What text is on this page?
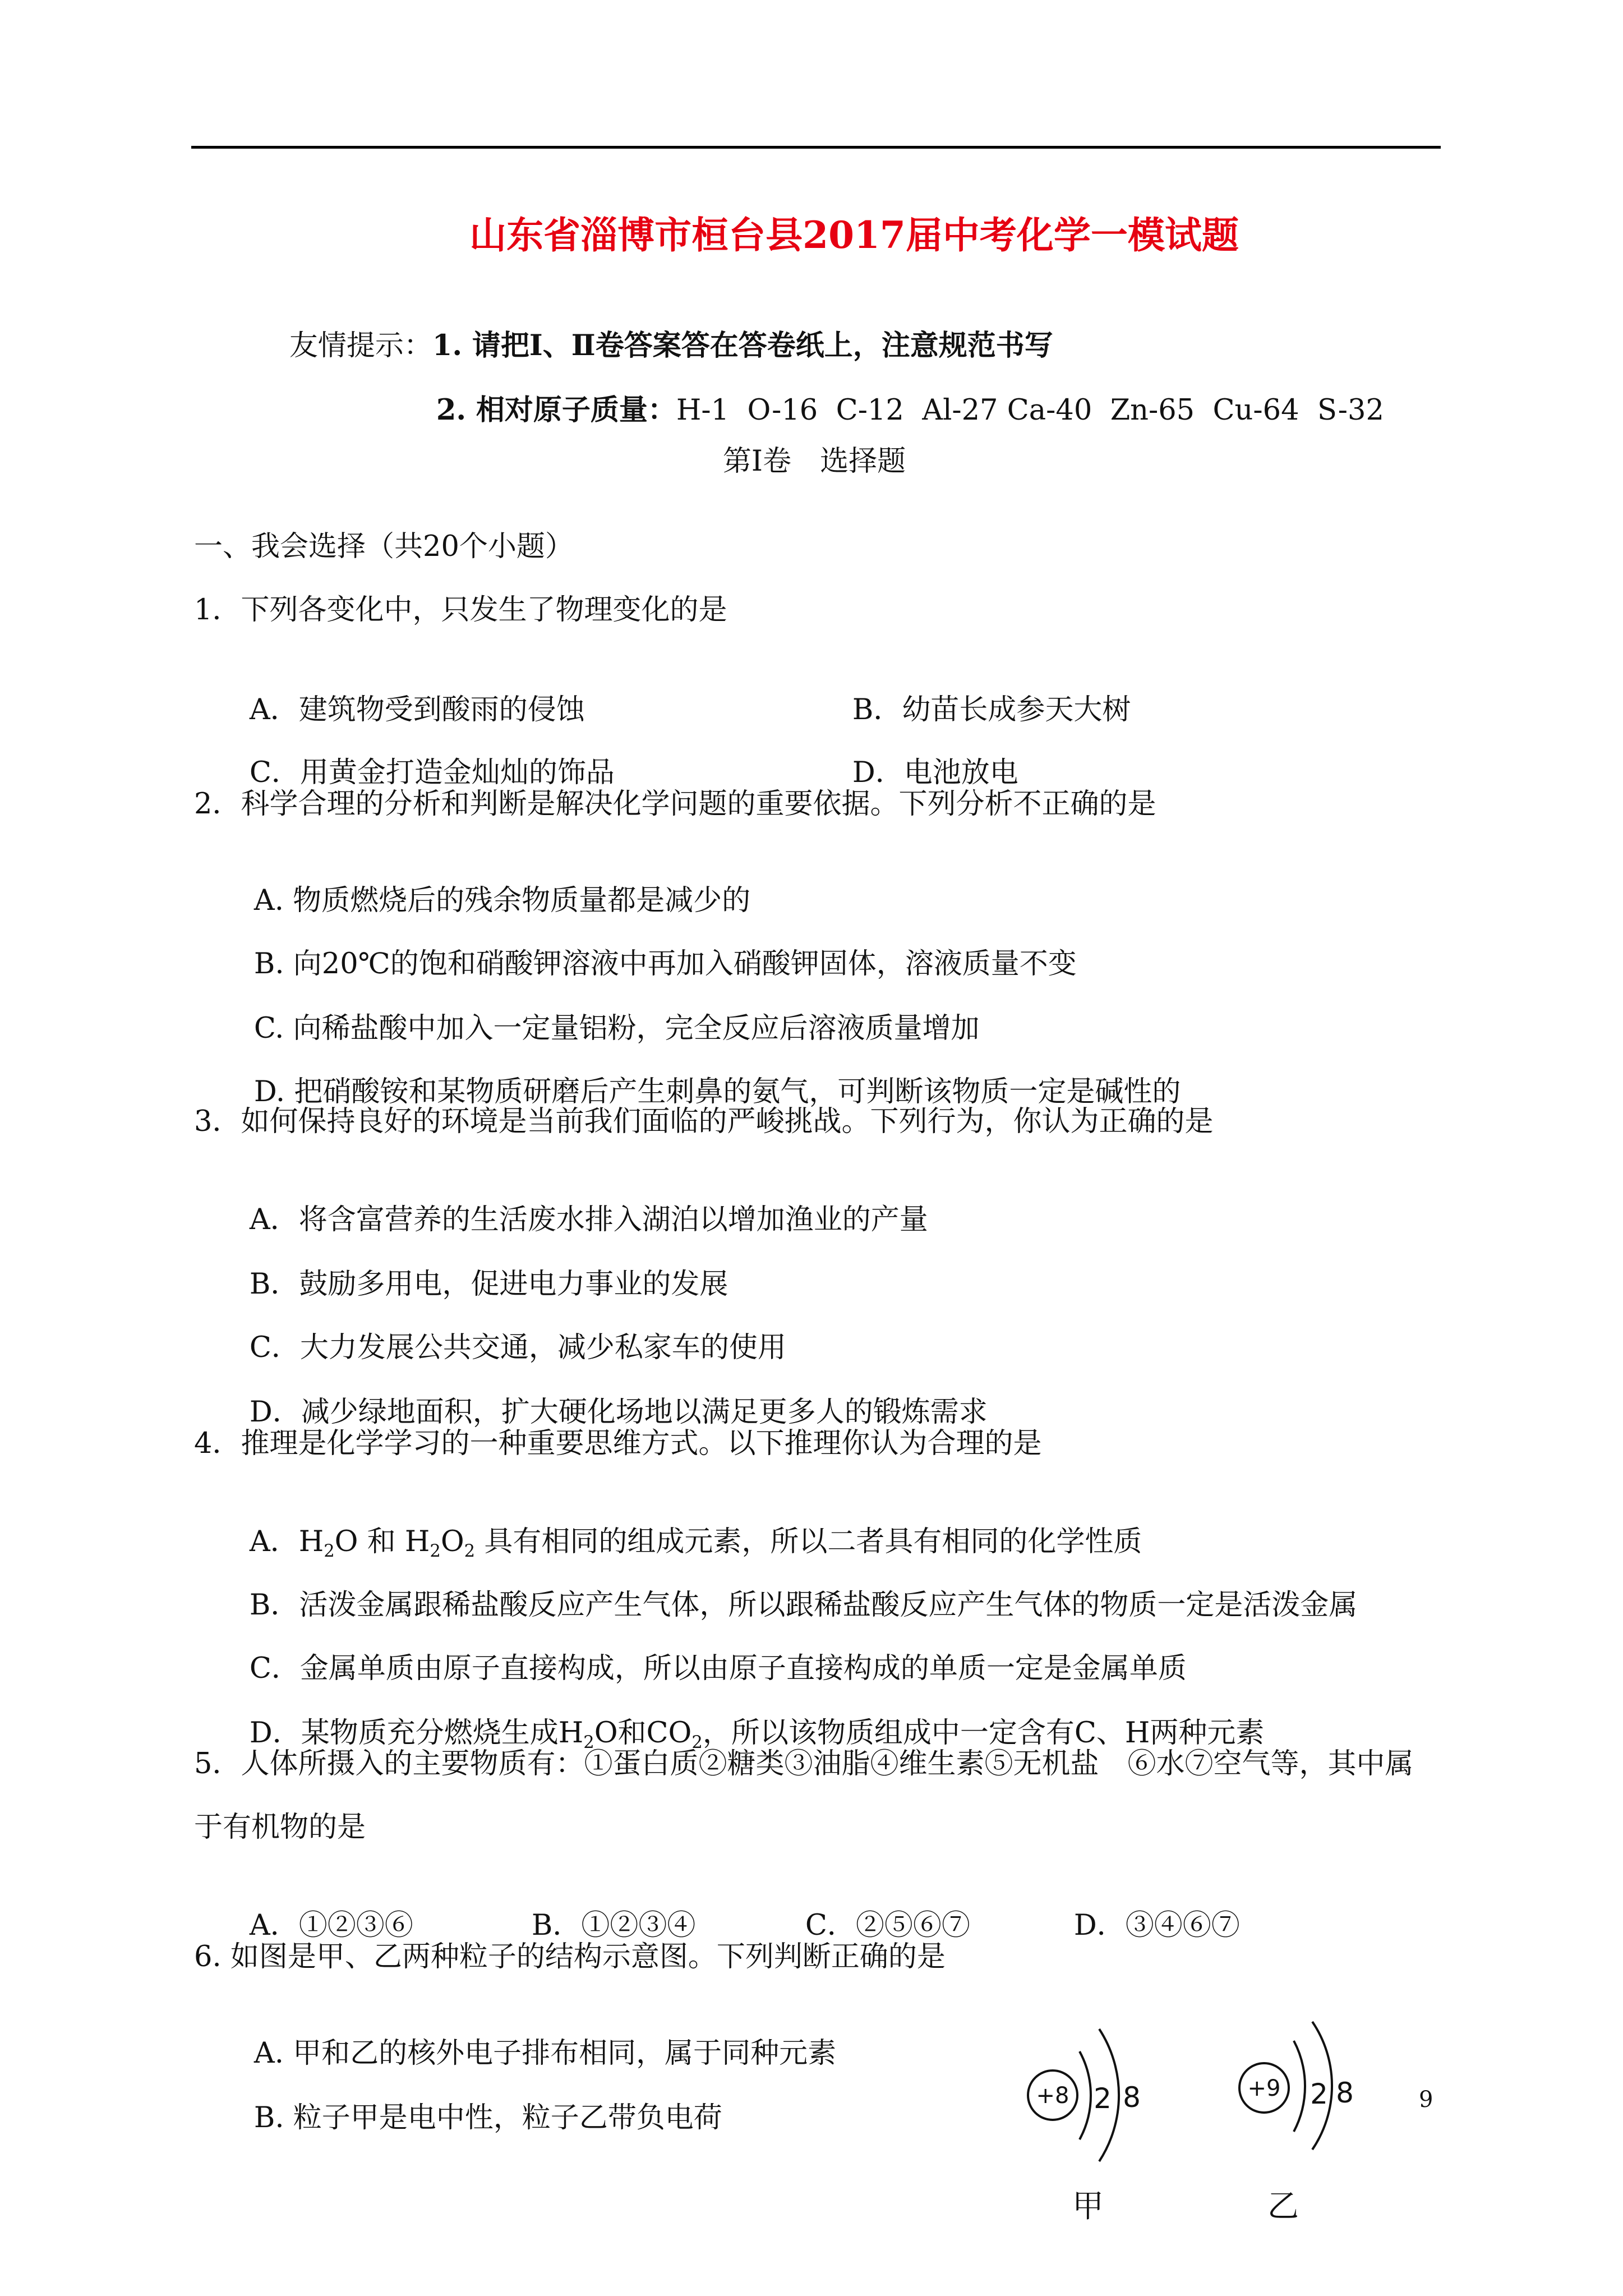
山东省淄博市桓台县2017届中考化学一模试题

友情提示：1. 请把Ⅰ、Ⅱ卷答案答在答卷纸上，注意规范书写

2. 相对原子质量：H-1  O-16  C-12  Al-27 Ca-40  Zn-65  Cu-64  S-32

第Ⅰ卷　选择题
一、我会选择（共20个小题）
1．下列各变化中，只发生了物理变化的是

A．建筑物受到酸雨的侵蚀
	B．幼苗长成参天大树

C．用黄金打造金灿灿的饰品
	D．电池放电

2．科学合理的分析和判断是解决化学问题的重要依据。下列分析不正确的是

A. 物质燃烧后的残余物质量都是减少的

B. 向20℃的饱和硝酸钾溶液中再加入硝酸钾固体，溶液质量不变

C. 向稀盐酸中加入一定量铝粉，完全反应后溶液质量增加

D. 把硝酸铵和某物质研磨后产生刺鼻的氨气，可判断该物质一定是碱性的

3．如何保持良好的环境是当前我们面临的严峻挑战。下列行为，你认为正确的是

A．将含富营养的生活废水排入湖泊以增加渔业的产量

B．鼓励多用电，促进电力事业的发展

C．大力发展公共交通，减少私家车的使用

D．减少绿地面积，扩大硬化场地以满足更多人的锻炼需求

4．推理是化学学习的一种重要思维方式。以下推理你认为合理的是

A．H2O 和 H2O2 具有相同的组成元素，所以二者具有相同的化学性质

B．活泼金属跟稀盐酸反应产生气体，所以跟稀盐酸反应产生气体的物质一定是活泼金属

C．金属单质由原子直接构成，所以由原子直接构成的单质一定是金属单质

D．某物质充分燃烧生成H2O和CO2，所以该物质组成中一定含有C、H两种元素

5．人体所摄入的主要物质有：①蛋白质②糖类③油脂④维生素⑤无机盐　⑥水⑦空气等，其中属
于有机物的是

A．①②③⑥
	B．①②③④
	C．②⑤⑥⑦
	D．③④⑥⑦

6. 如图是甲、乙两种粒子的结构示意图。下列判断正确的是

A. 甲和乙的核外电子排布相同，属于同种元素

B. 粒子甲是电中性，粒子乙带负电荷

+8 2 8
甲
+9 2 8
乙
9
